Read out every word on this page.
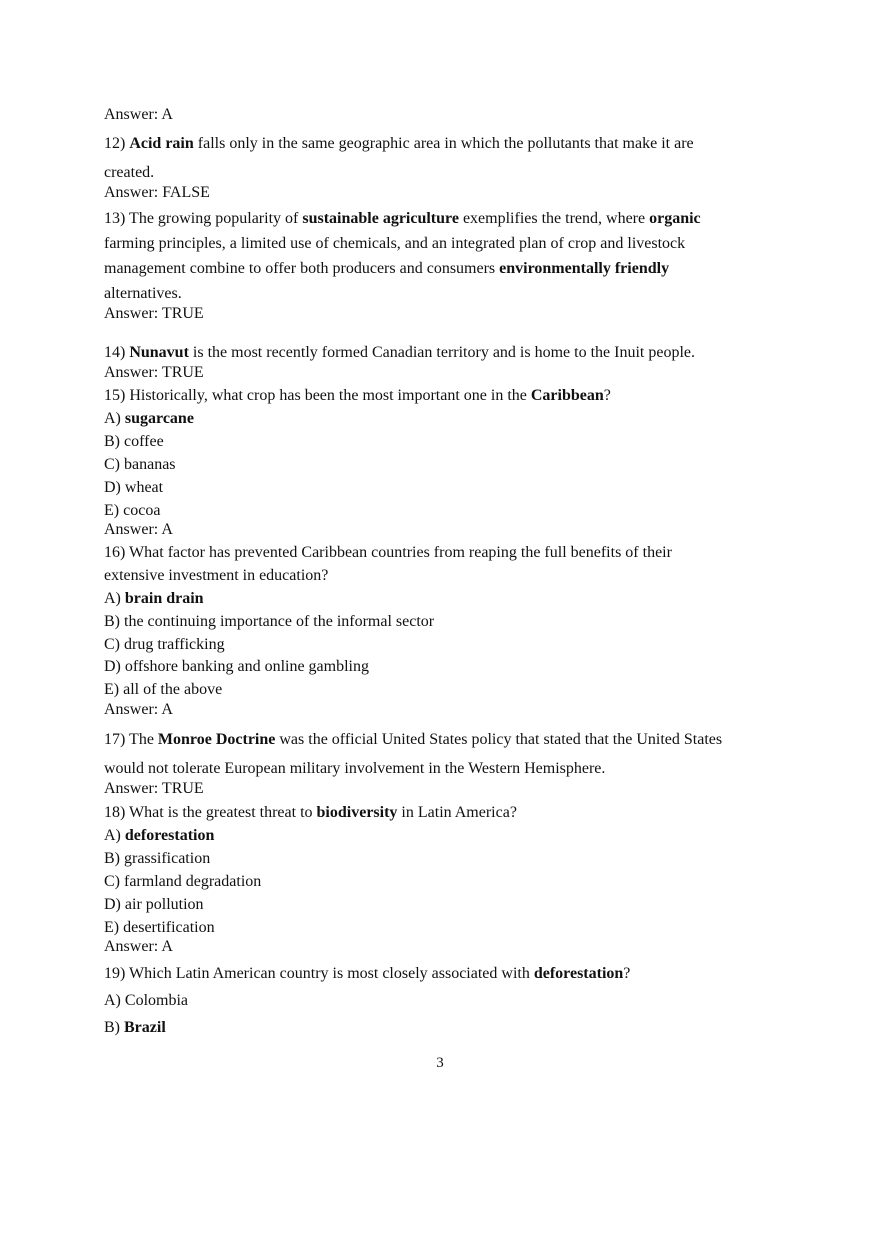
Answer: A
12) Acid rain falls only in the same geographic area in which the pollutants that make it are
created.
Answer: FALSE
13) The growing popularity of sustainable agriculture exemplifies the trend, where organic
farming principles, a limited use of chemicals, and an integrated plan of crop and livestock
management combine to offer both producers and consumers environmentally friendly
alternatives.
Answer: TRUE
14) Nunavut is the most recently formed Canadian territory and is home to the Inuit people.
Answer: TRUE
15) Historically, what crop has been the most important one in the Caribbean?
A) sugarcane
B) coffee
C) bananas
D) wheat
E) cocoa
Answer: A
16) What factor has prevented Caribbean countries from reaping the full benefits of their
extensive investment in education?
A) brain drain
B) the continuing importance of the informal sector
C) drug trafficking
D) offshore banking and online gambling
E) all of the above
Answer: A
17) The Monroe Doctrine was the official United States policy that stated that the United States
would not tolerate European military involvement in the Western Hemisphere.
Answer: TRUE
18) What is the greatest threat to biodiversity in Latin America?
A) deforestation
B) grassification
C) farmland degradation
D) air pollution
E) desertification
Answer: A
19) Which Latin American country is most closely associated with deforestation?
A) Colombia
B) Brazil
3
